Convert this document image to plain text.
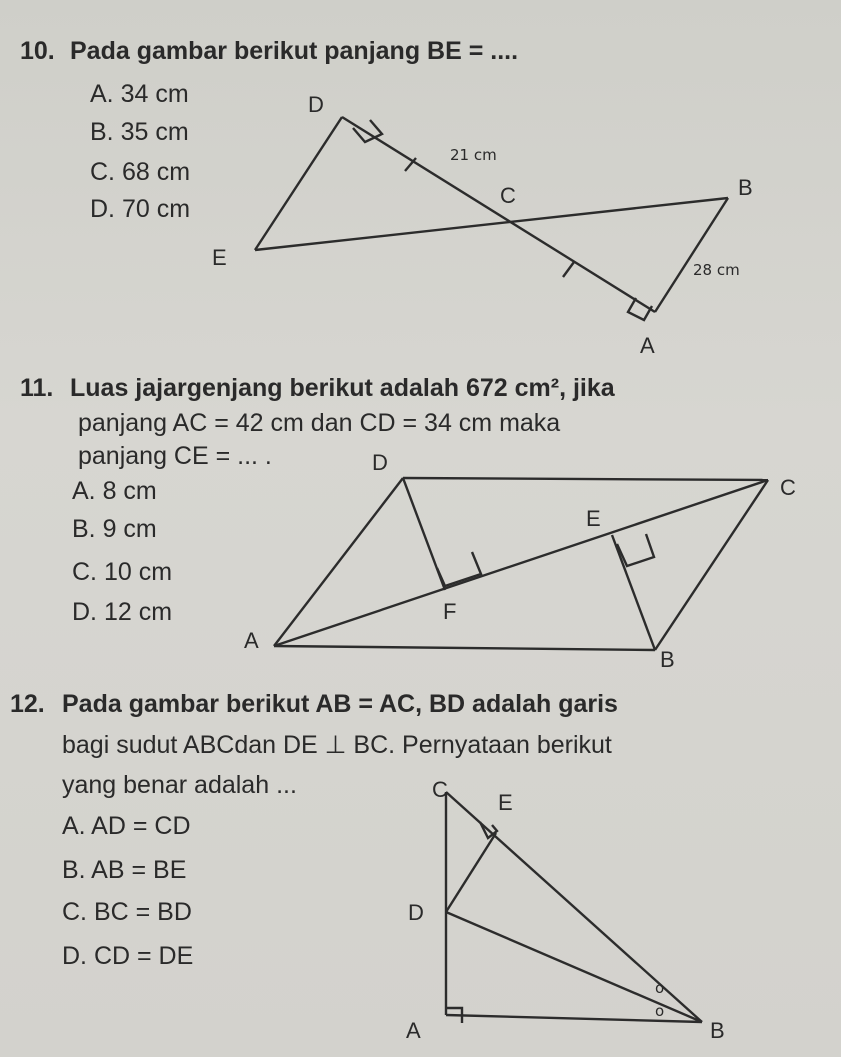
10. Pada gambar berikut panjang BE = ....
A. 34 cm
B. 35 cm
C. 68 cm
D. 70 cm
D
C	B
E
A
21 cm
28 cm
D
C
E
F
A
B
C
E
D
A	B
o
o
11. Luas jajargenjang berikut adalah 672 cm², jika
panjang AC = 42 cm dan CD = 34 cm maka
panjang CE = ... .
A. 8 cm
B. 9 cm
C. 10 cm
D. 12 cm
12. Pada gambar berikut AB = AC, BD adalah garis
bagi sudut ABCdan DE ⊥ BC. Pernyataan berikut
yang benar adalah ...
A. AD = CD
B. AB = BE
C. BC = BD
D. CD = DE
